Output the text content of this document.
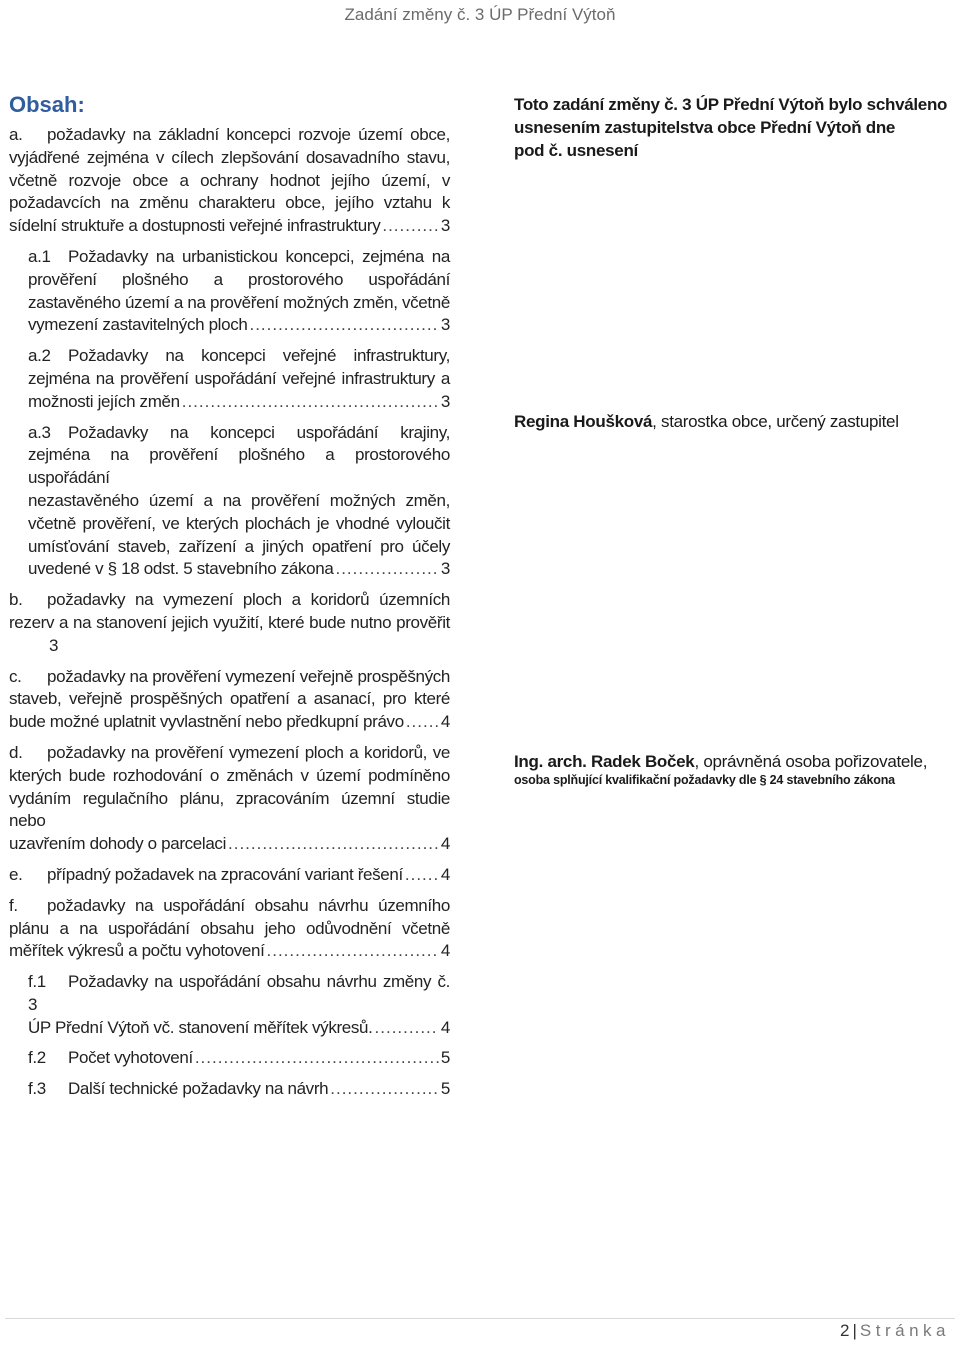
Zadání změny č. 3 ÚP Přední Výtoň
Obsah:
a. požadavky na základní koncepci rozvoje území obce,
vyjádřené zejména v cílech zlepšování dosavadního stavu,
včetně rozvoje obce a ochrany hodnot jejího území, v
požadavcích na změnu charakteru obce, jejího vztahu k
sídelní struktuře a dostupnosti veřejné infrastruktury .....	3
a.1 Požadavky na urbanistickou koncepci, zejména na
prověření plošného a prostorového uspořádání
zastavěného území a na prověření možných změn, včetně
vymezení zastavitelných ploch .....	3
a.2 Požadavky na koncepci veřejné infrastruktury,
zejména na prověření uspořádání veřejné infrastruktury a
možnosti jejích změn .....	3
a.3 Požadavky na koncepci uspořádání krajiny,
zejména na prověření plošného a prostorového uspořádání
nezastavěného území a na prověření možných změn,
včetně prověření, ve kterých plochách je vhodné vyloučit
umísťování staveb, zařízení a jiných opatření pro účely
uvedené v § 18 odst. 5 stavebního zákona .....	3
b. požadavky na vymezení ploch a koridorů územních
rezerv a na stanovení jejich využití, které bude nutno prověřit
3
c. požadavky na prověření vymezení veřejně prospěšných
staveb, veřejně prospěšných opatření a asanací, pro které
bude možné uplatnit vyvlastnění nebo předkupní právo ..... 4
d. požadavky na prověření vymezení ploch a koridorů, ve
kterých bude rozhodování o změnách v území podmíněno
vydáním regulačního plánu, zpracováním územní studie nebo
uzavřením dohody o parcelaci .....	4
e.	případný požadavek na zpracování variant řešení ..... 4
f. požadavky na uspořádání obsahu návrhu územního
plánu a na uspořádání obsahu jeho odůvodnění včetně
měřítek výkresů a počtu vyhotovení .....	4
f.1 Požadavky na uspořádání obsahu návrhu změny č. 3
ÚP Přední Výtoň vč. stanovení měřítek výkresů. .....	4
f.2	Počet vyhotovení .....	5
f.3	Další technické požadavky na návrh .....	5
Toto zadání změny č. 3 ÚP Přední Výtoň bylo schváleno
usnesením zastupitelstva obce Přední Výtoň dne
pod č. usnesení
Regina Houšková, starostka obce, určený zastupitel
Ing. arch. Radek Boček, oprávněná osoba pořizovatele,
osoba splňující kvalifikační požadavky dle § 24 stavebního zákona
2 | Stránka
